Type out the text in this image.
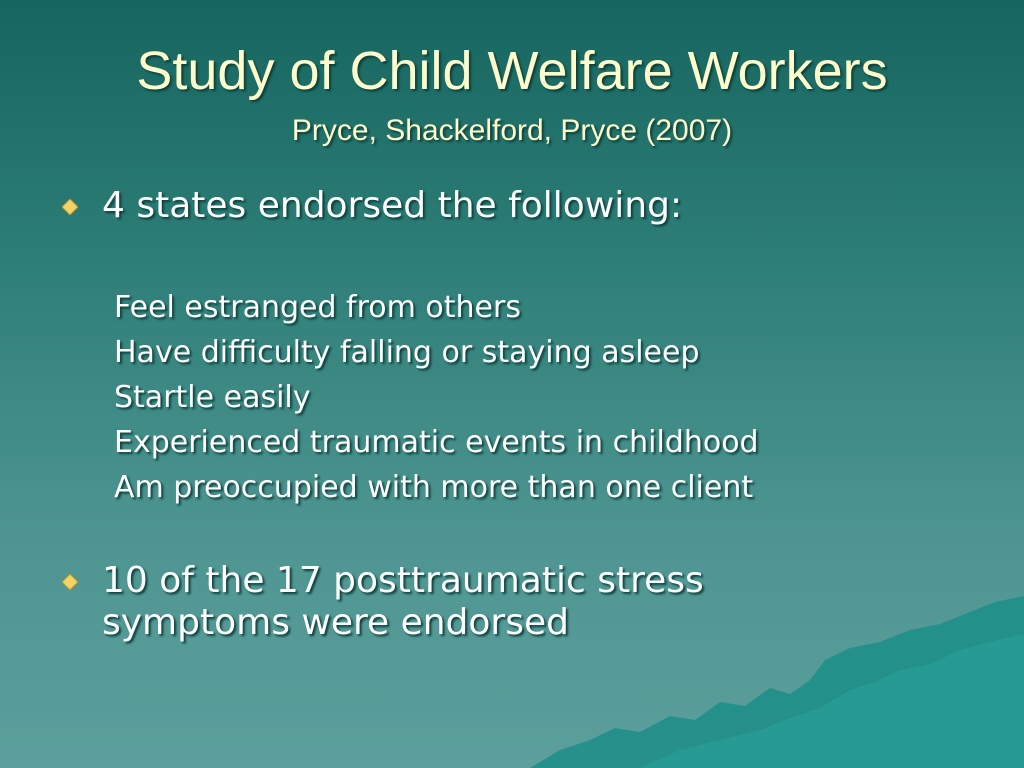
Study of Child Welfare Workers
Pryce, Shackelford, Pryce (2007)
4 states endorsed the following:
Feel estranged from others
Have difficulty falling or staying asleep
Startle easily
Experienced traumatic events in childhood
Am preoccupied with more than one client
10 of the 17 posttraumatic stress symptoms were endorsed
